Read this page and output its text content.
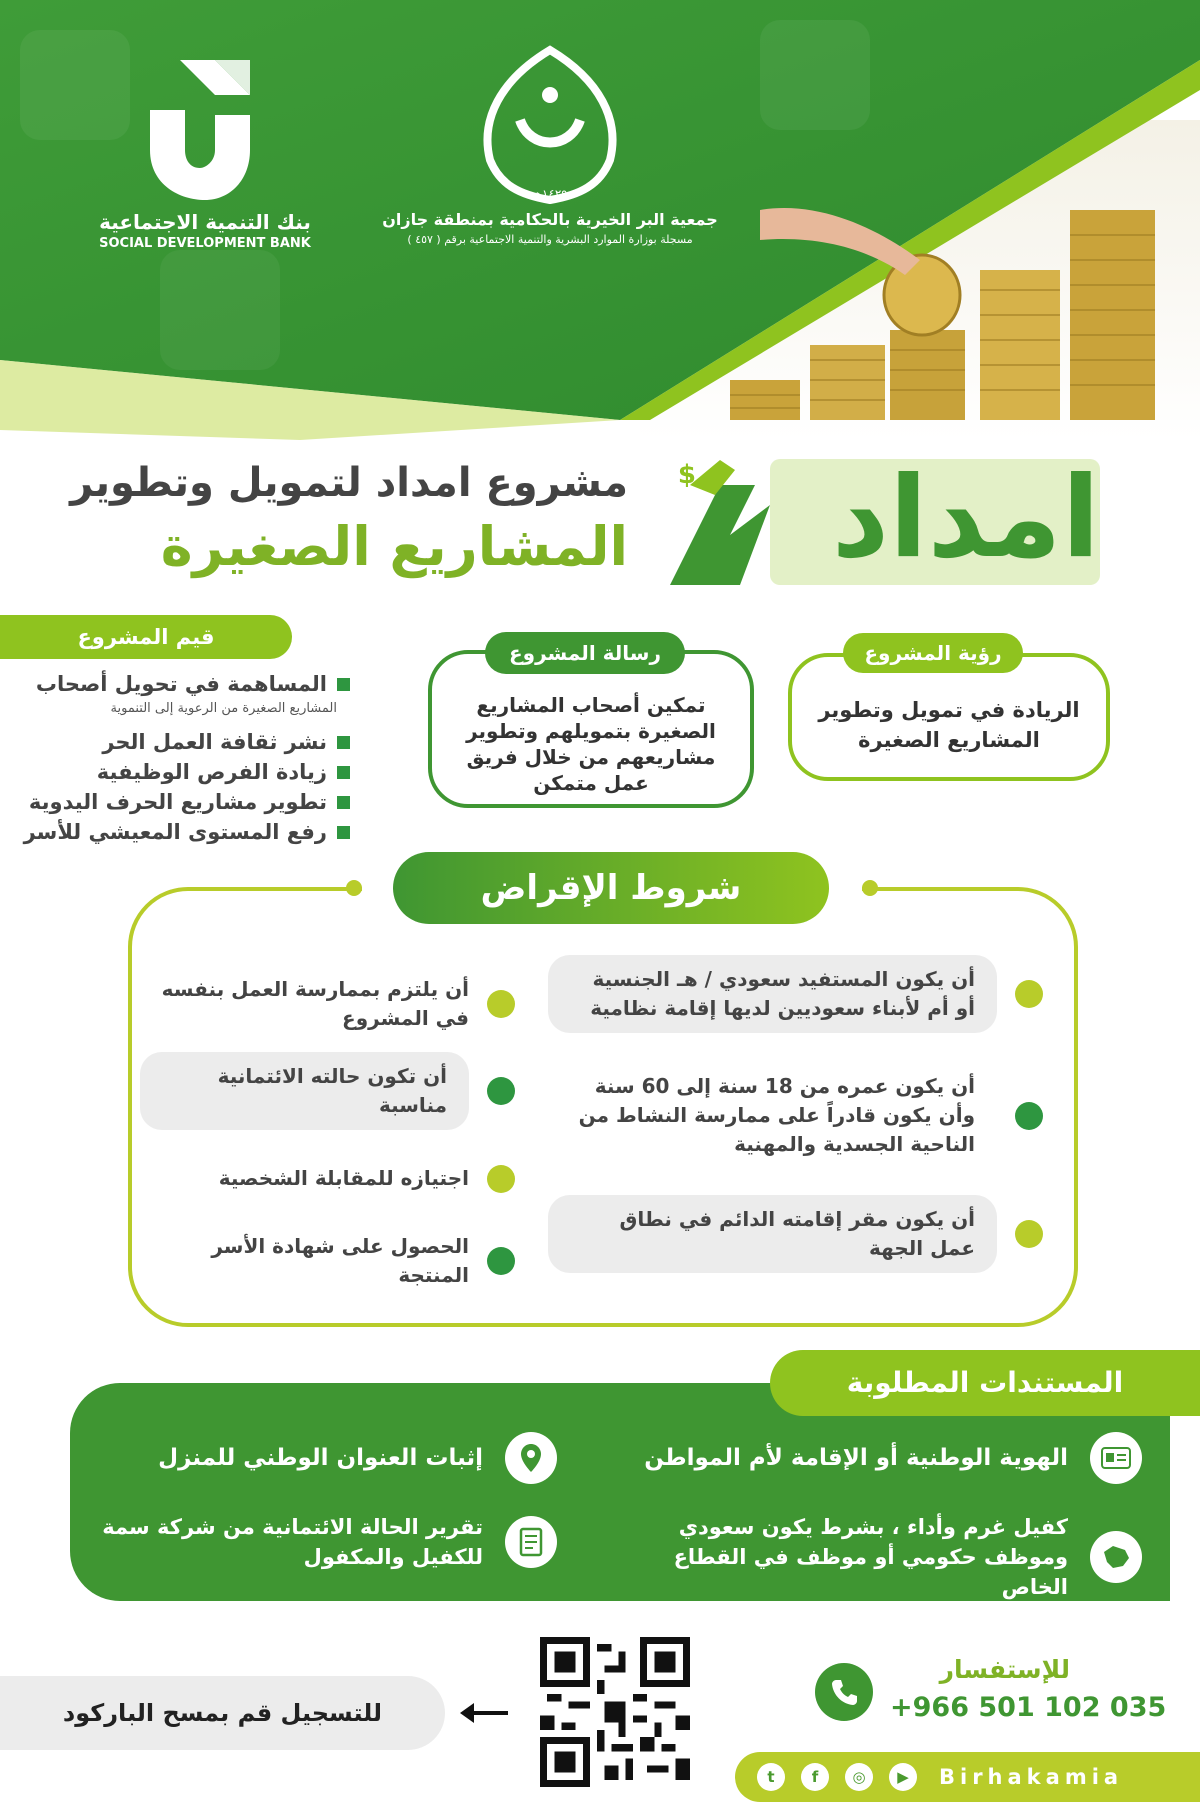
جمعية البر الخيرية بالحكامية بمنطقة جازان
مسجلة بوزارة الموارد البشرية والتنمية الاجتماعية برقم ( ٤٥٧ )
١٤٢٩هـ
بنك التنمية الاجتماعية
SOCIAL DEVELOPMENT BANK
$ امداد
مشروع امداد لتمويل وتطوير
المشاريع الصغيرة
الريادة في تمويل وتطوير المشاريع الصغيرة
رؤية المشروع
تمكين أصحاب المشاريع الصغيرة بتمويلهم وتطوير مشاريعهم من خلال فريق عمل متمكن
رسالة المشروع
قيم المشروع
المساهمة في تحويل أصحاب
المشاريع الصغيرة من الرعوية إلى التنموية
نشر ثقافة العمل الحر
زيادة الفرص الوظيفية
تطوير مشاريع الحرف اليدوية
رفع المستوى المعيشي للأسر
شروط الإقراض
أن يكون المستفيد سعودي / هـ الجنسية أو أم لأبناء سعوديين لديها إقامة نظامية
أن يكون عمره من 18 سنة إلى 60 سنة وأن يكون قادراً على ممارسة النشاط من الناحية الجسدية والمهنية
أن يكون مقر إقامته الدائم في نطاق عمل الجهة
أن يلتزم بممارسة العمل بنفسه في المشروع
أن تكون حالته الائتمانية مناسبة
اجتيازه للمقابلة الشخصية
الحصول على شهادة الأسر المنتجة
المستندات المطلوبة
الهوية الوطنية أو الإقامة لأم المواطن
إثبات العنوان الوطني للمنزل
كفيل غرم وأداء ، بشرط يكون سعودي وموظف حكومي أو موظف في القطاع الخاص
تقرير الحالة الائتمانية من شركة سمة للكفيل والمكفول
للإستفسار
+966 501 102 035
للتسجيل قم بمسح الباركود
t	f	◎	▶	Birhakamia
